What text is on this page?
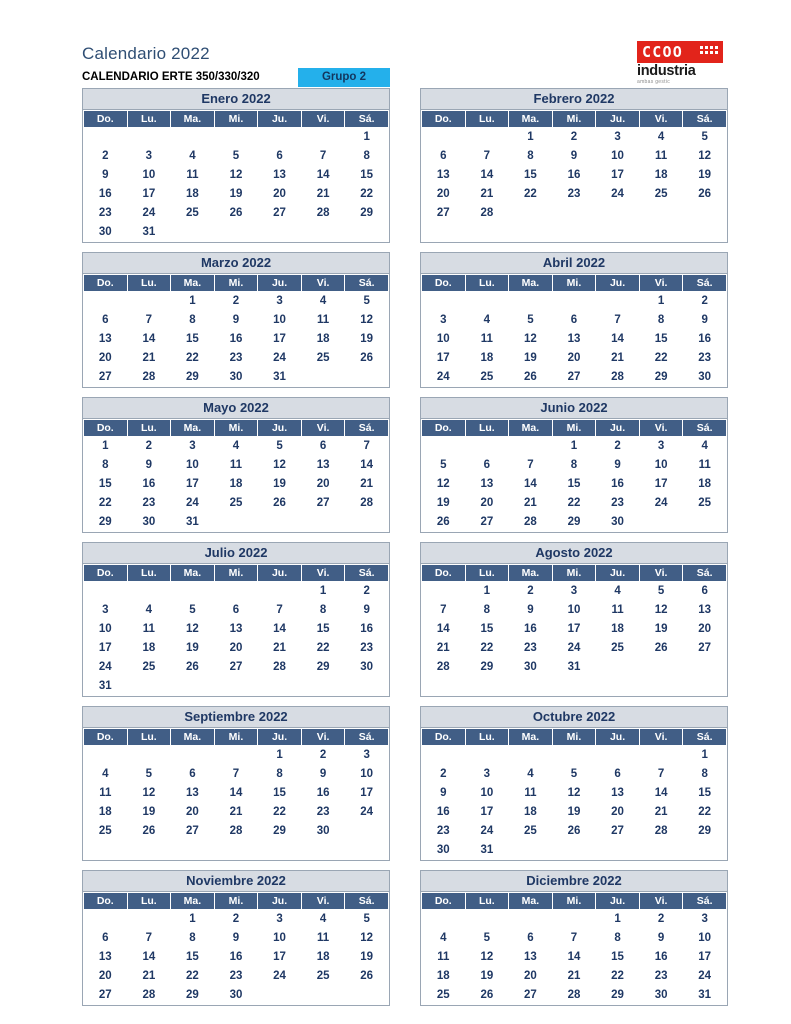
Calendario 2022
CALENDARIO ERTE 350/330/320	Grupo 2
CCOO
industria
ambas gestic
Enero 2022
Do.	Lu.	Ma.	Mi.	Ju.	Vi.	Sá.
						1
2	3	4	5	6	7	8
9	10	11	12	13	14	15
16	17	18	19	20	21	22
23	24	25	26	27	28	29
30	31					
Febrero 2022
Do.	Lu.	Ma.	Mi.	Ju.	Vi.	Sá.
		1	2	3	4	5
6	7	8	9	10	11	12
13	14	15	16	17	18	19
20	21	22	23	24	25	26
27	28					
Marzo 2022
Do.	Lu.	Ma.	Mi.	Ju.	Vi.	Sá.
		1	2	3	4	5
6	7	8	9	10	11	12
13	14	15	16	17	18	19
20	21	22	23	24	25	26
27	28	29	30	31		
Abril 2022
Do.	Lu.	Ma.	Mi.	Ju.	Vi.	Sá.
					1	2
3	4	5	6	7	8	9
10	11	12	13	14	15	16
17	18	19	20	21	22	23
24	25	26	27	28	29	30
Mayo 2022
Do.	Lu.	Ma.	Mi.	Ju.	Vi.	Sá.
1	2	3	4	5	6	7
8	9	10	11	12	13	14
15	16	17	18	19	20	21
22	23	24	25	26	27	28
29	30	31				
Junio 2022
Do.	Lu.	Ma.	Mi.	Ju.	Vi.	Sá.
			1	2	3	4
5	6	7	8	9	10	11
12	13	14	15	16	17	18
19	20	21	22	23	24	25
26	27	28	29	30		
Julio 2022
Do.	Lu.	Ma.	Mi.	Ju.	Vi.	Sá.
					1	2
3	4	5	6	7	8	9
10	11	12	13	14	15	16
17	18	19	20	21	22	23
24	25	26	27	28	29	30
31						
Agosto 2022
Do.	Lu.	Ma.	Mi.	Ju.	Vi.	Sá.
	1	2	3	4	5	6
7	8	9	10	11	12	13
14	15	16	17	18	19	20
21	22	23	24	25	26	27
28	29	30	31			
Septiembre 2022
Do.	Lu.	Ma.	Mi.	Ju.	Vi.	Sá.
				1	2	3
4	5	6	7	8	9	10
11	12	13	14	15	16	17
18	19	20	21	22	23	24
25	26	27	28	29	30	
Octubre 2022
Do.	Lu.	Ma.	Mi.	Ju.	Vi.	Sá.
						1
2	3	4	5	6	7	8
9	10	11	12	13	14	15
16	17	18	19	20	21	22
23	24	25	26	27	28	29
30	31					
Noviembre 2022
Do.	Lu.	Ma.	Mi.	Ju.	Vi.	Sá.
		1	2	3	4	5
6	7	8	9	10	11	12
13	14	15	16	17	18	19
20	21	22	23	24	25	26
27	28	29	30			
Diciembre 2022
Do.	Lu.	Ma.	Mi.	Ju.	Vi.	Sá.
				1	2	3
4	5	6	7	8	9	10
11	12	13	14	15	16	17
18	19	20	21	22	23	24
25	26	27	28	29	30	31
